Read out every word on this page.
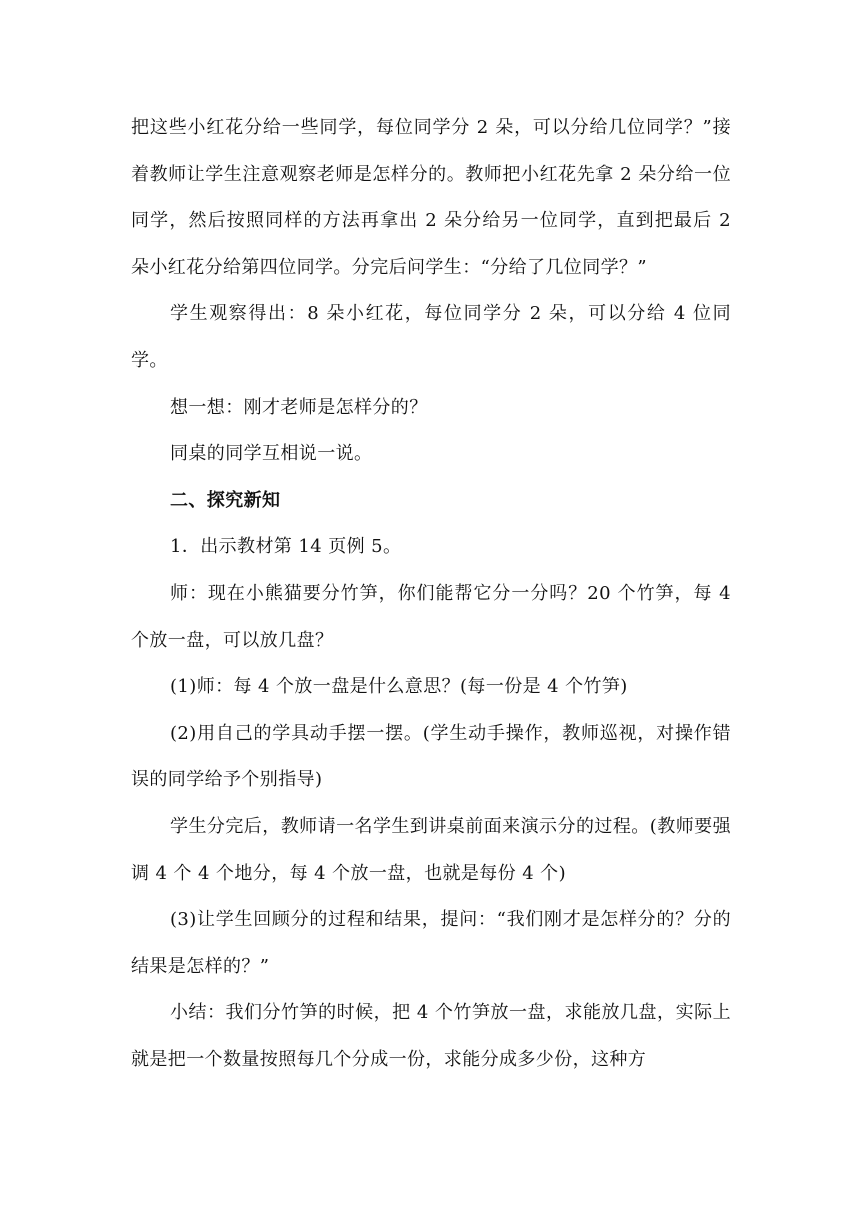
把这些小红花分给一些同学，每位同学分 2 朵，可以分给几位同学？”接着教师让学生注意观察老师是怎样分的。教师把小红花先拿 2 朵分给一位同学，然后按照同样的方法再拿出 2 朵分给另一位同学，直到把最后 2 朵小红花分给第四位同学。分完后问学生：“分给了几位同学？”

学生观察得出：8 朵小红花，每位同学分 2 朵，可以分给 4 位同学。

想一想：刚才老师是怎样分的？

同桌的同学互相说一说。

二、探究新知

1．出示教材第 14 页例 5。

师：现在小熊猫要分竹笋，你们能帮它分一分吗？20 个竹笋，每 4 个放一盘，可以放几盘？

(1)师：每 4 个放一盘是什么意思？(每一份是 4 个竹笋)

(2)用自己的学具动手摆一摆。(学生动手操作，教师巡视，对操作错误的同学给予个别指导)

学生分完后，教师请一名学生到讲桌前面来演示分的过程。(教师要强调 4 个 4 个地分，每 4 个放一盘，也就是每份 4 个)

(3)让学生回顾分的过程和结果，提问：“我们刚才是怎样分的？分的结果是怎样的？”

小结：我们分竹笋的时候，把 4 个竹笋放一盘，求能放几盘，实际上就是把一个数量按照每几个分成一份，求能分成多少份，这种方
